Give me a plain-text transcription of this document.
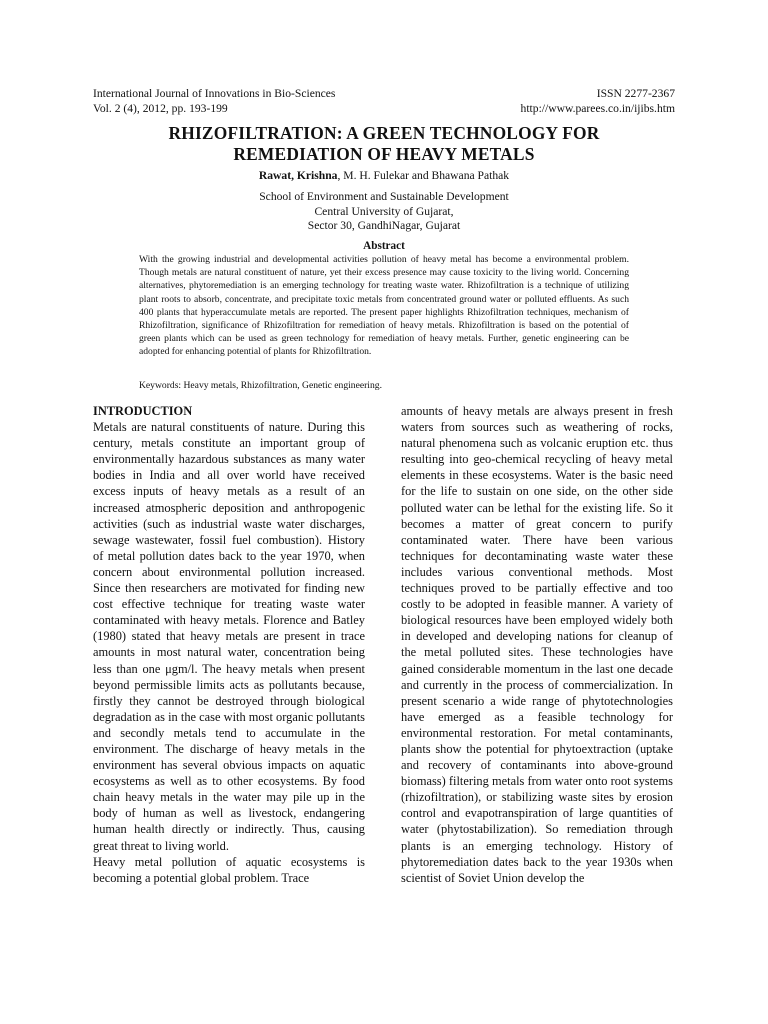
International Journal of Innovations in Bio-Sciences	ISSN 2277-2367
Vol. 2 (4), 2012, pp. 193-199	http://www.parees.co.in/ijibs.htm
RHIZOFILTRATION: A GREEN TECHNOLOGY FOR
REMEDIATION OF HEAVY METALS
Rawat, Krishna, M. H. Fulekar and Bhawana Pathak
School of Environment and Sustainable Development
Central University of Gujarat,
Sector 30, GandhiNagar, Gujarat
Abstract

With the growing industrial and developmental activities pollution of heavy metal has become a environmental problem. Though metals are natural constituent of nature, yet their excess presence may cause toxicity to the living world. Concerning alternatives, phytoremediation is an emerging technology for treating waste water. Rhizofiltration is a technique of utilizing plant roots to absorb, concentrate, and precipitate toxic metals from concentrated ground water or polluted effluents. As such 400 plants that hyperaccumulate metals are reported. The present paper highlights Rhizofiltration techniques, mechanism of Rhizofiltration, significance of Rhizofiltration for remediation of heavy metals. Rhizofiltration is based on the potential of green plants which can be used as green technology for remediation of heavy metals. Further, genetic engineering can be adopted for enhancing potential of plants for Rhizofiltration.

Keywords: Heavy metals, Rhizofiltration, Genetic engineering.

INTRODUCTION

Metals are natural constituents of nature. During this century, metals constitute an important group of environmentally hazardous substances as many water bodies in India and all over world have received excess inputs of heavy metals as a result of an increased atmospheric deposition and anthropogenic activities (such as industrial waste water discharges, sewage wastewater, fossil fuel combustion). History of metal pollution dates back to the year 1970, when concern about environmental pollution increased. Since then researchers are motivated for finding new cost effective technique for treating waste water contaminated with heavy metals. Florence and Batley (1980) stated that heavy metals are present in trace amounts in most natural water, concentration being less than one μgm/l. The heavy metals when present beyond permissible limits acts as pollutants because, firstly they cannot be destroyed through biological degradation as in the case with most organic pollutants and secondly metals tend to accumulate in the environment. The discharge of heavy metals in the environment has several obvious impacts on aquatic ecosystems as well as to other ecosystems. By food chain heavy metals in the water may pile up in the body of human as well as livestock, endangering human health directly or indirectly. Thus, causing great threat to living world.

Heavy metal pollution of aquatic ecosystems is becoming a potential global problem. Trace

amounts of heavy metals are always present in fresh waters from sources such as weathering of rocks, natural phenomena such as volcanic eruption etc. thus resulting into geo-chemical recycling of heavy metal elements in these ecosystems. Water is the basic need for the life to sustain on one side, on the other side polluted water can be lethal for the existing life. So it becomes a matter of great concern to purify contaminated water. There have been various techniques for decontaminating waste water these includes various conventional methods. Most techniques proved to be partially effective and too costly to be adopted in feasible manner. A variety of biological resources have been employed widely both in developed and developing nations for cleanup of the metal polluted sites. These technologies have gained considerable momentum in the last one decade and currently in the process of commercialization. In present scenario a wide range of phytotechnologies have emerged as a feasible technology for environmental restoration. For metal contaminants, plants show the potential for phytoextraction (uptake and recovery of contaminants into above-ground biomass) filtering metals from water onto root systems (rhizofiltration), or stabilizing waste sites by erosion control and evapotranspiration of large quantities of water (phytostabilization). So remediation through plants is an emerging technology. History of phytoremediation dates back to the year 1930s when scientist of Soviet Union develop the
